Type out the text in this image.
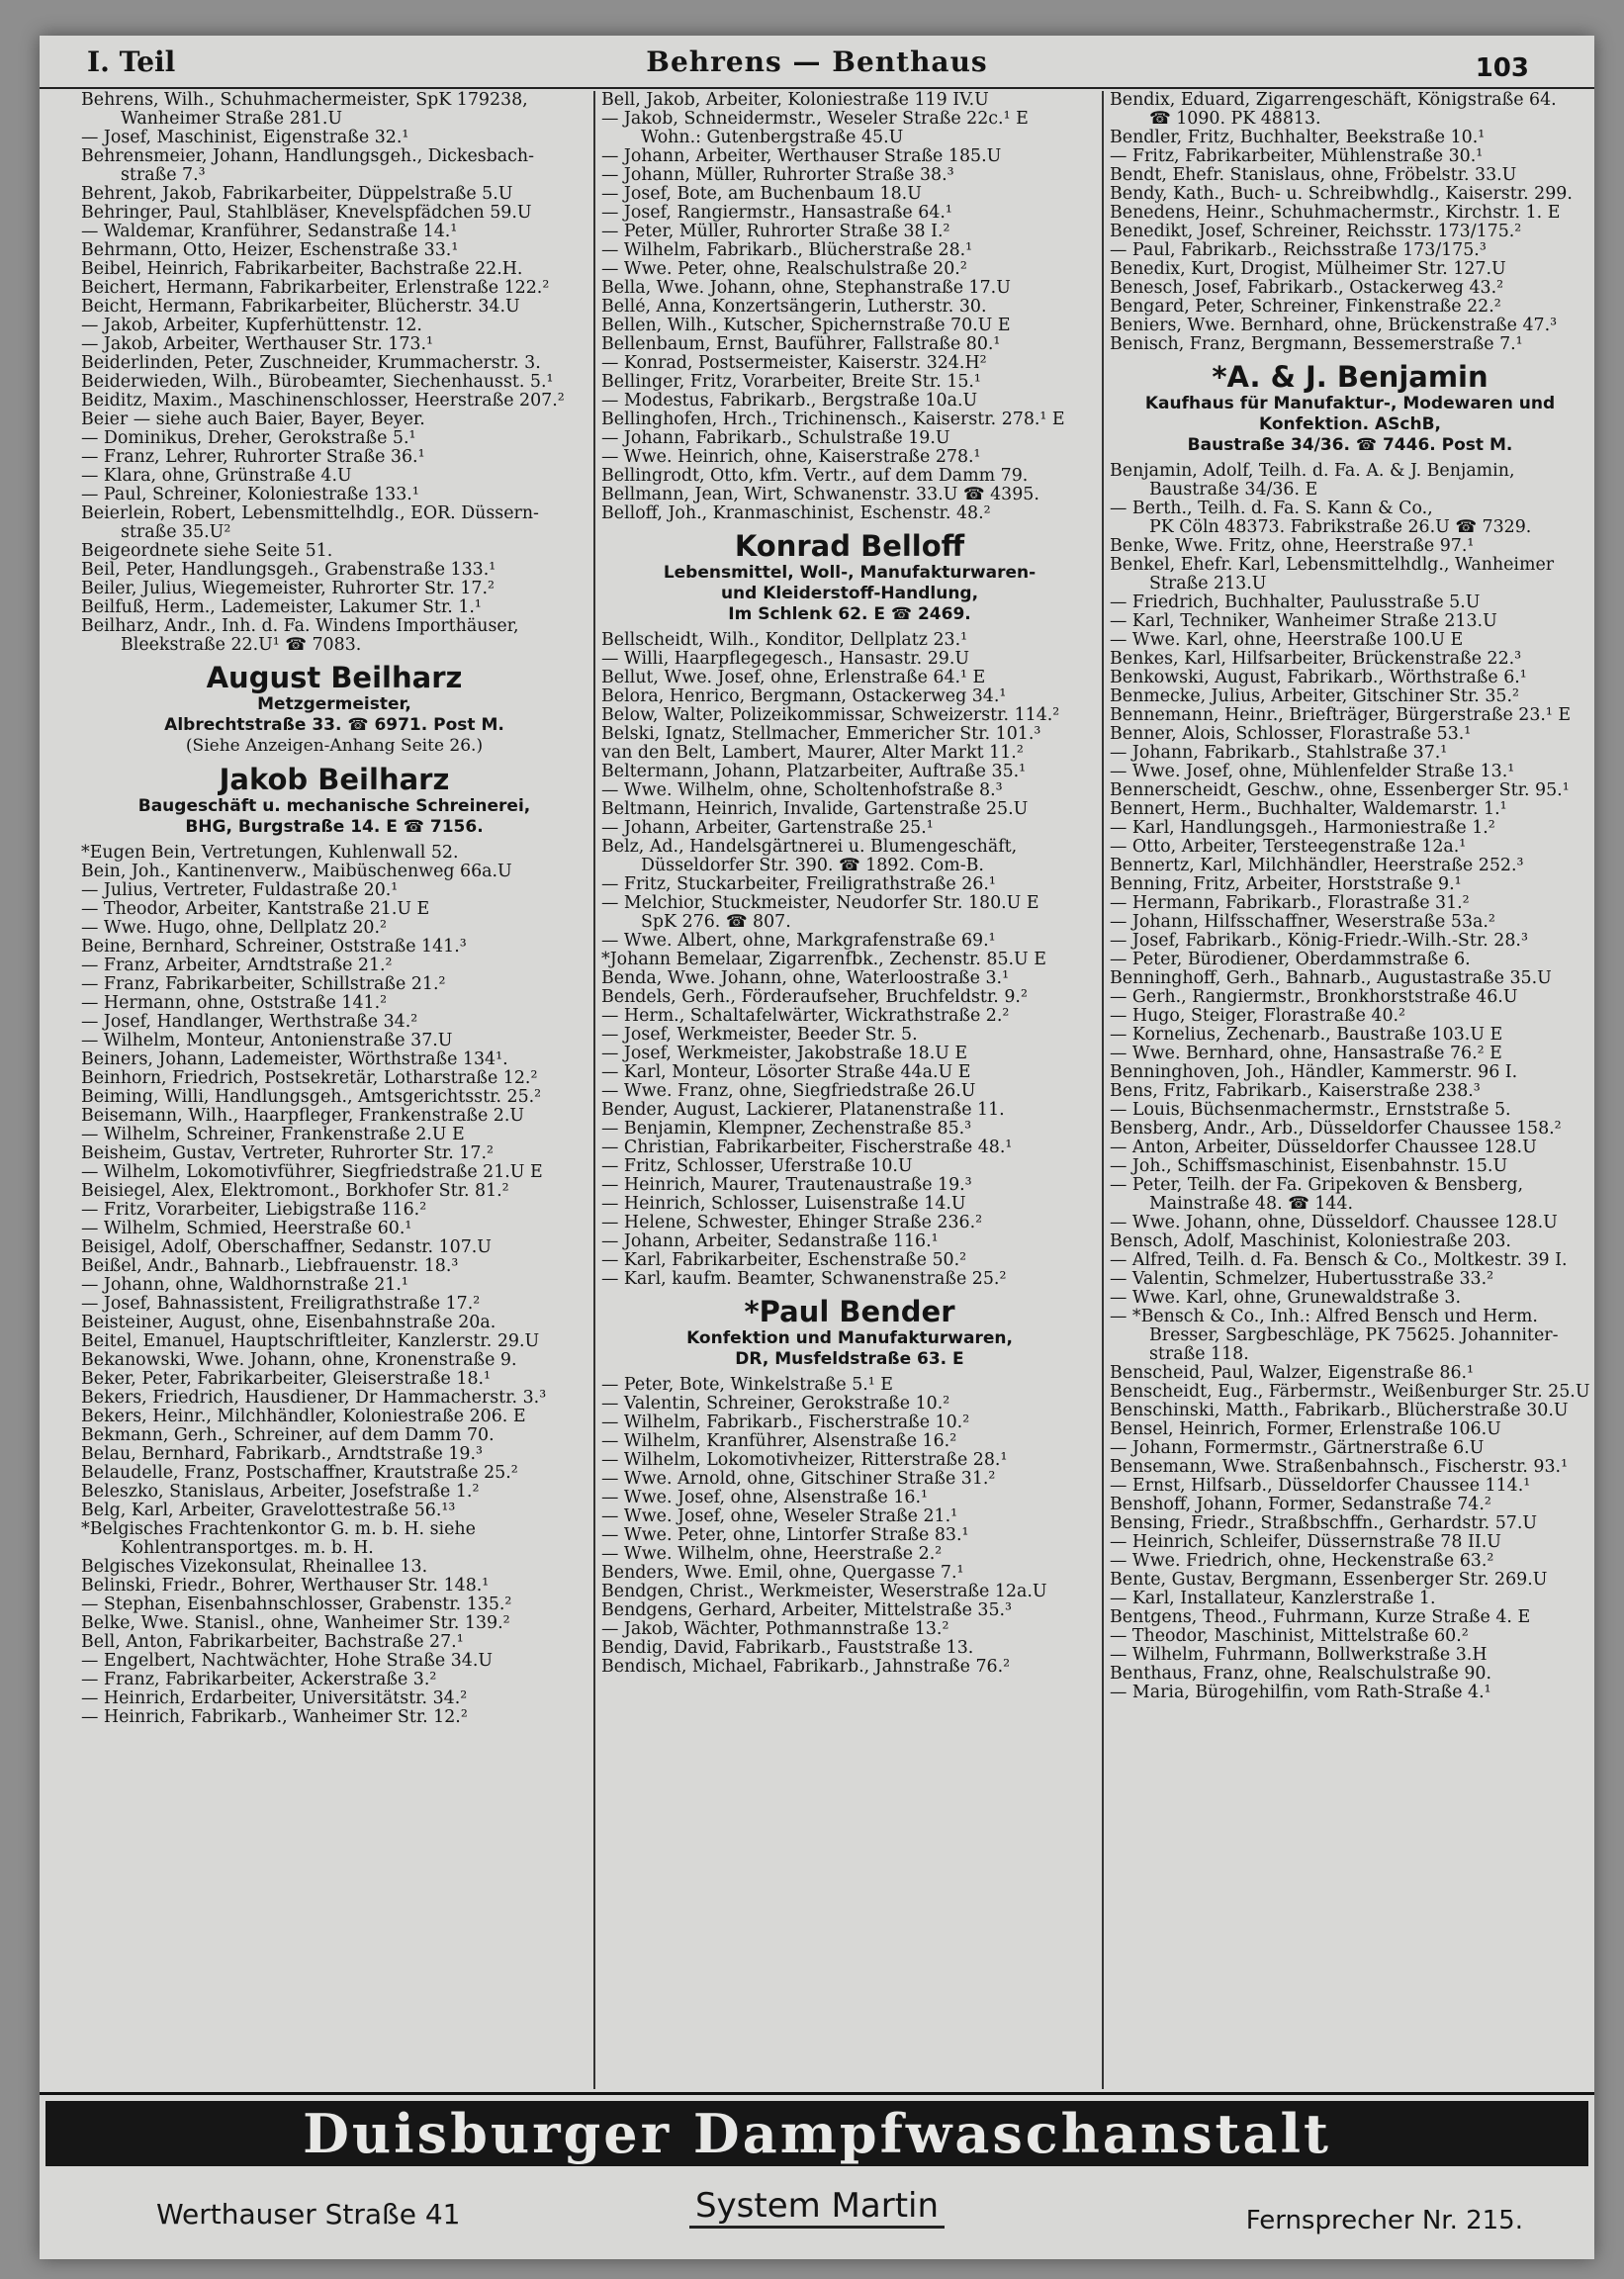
I. Teil	Behrens — Benthaus	103
Behrens, Wilh., Schuhmachermeister, SpK 179238,
Wanheimer Straße 281.U
— Josef, Maschinist, Eigenstraße 32.¹
Behrensmeier, Johann, Handlungsgeh., Dickesbach-
straße 7.³
Behrent, Jakob, Fabrikarbeiter, Düppelstraße 5.U
Behringer, Paul, Stahlbläser, Knevelspfädchen 59.U
— Waldemar, Kranführer, Sedanstraße 14.¹
Behrmann, Otto, Heizer, Eschenstraße 33.¹
Beibel, Heinrich, Fabrikarbeiter, Bachstraße 22.H.
Beichert, Hermann, Fabrikarbeiter, Erlenstraße 122.²
Beicht, Hermann, Fabrikarbeiter, Blücherstr. 34.U
— Jakob, Arbeiter, Kupferhüttenstr. 12.
— Jakob, Arbeiter, Werthauser Str. 173.¹
Beiderlinden, Peter, Zuschneider, Krummacherstr. 3.
Beiderwieden, Wilh., Bürobeamter, Siechenhausst. 5.¹
Beiditz, Maxim., Maschinenschlosser, Heerstraße 207.²
Beier — siehe auch Baier, Bayer, Beyer.
— Dominikus, Dreher, Gerokstraße 5.¹
— Franz, Lehrer, Ruhrorter Straße 36.¹
— Klara, ohne, Grünstraße 4.U
— Paul, Schreiner, Koloniestraße 133.¹
Beierlein, Robert, Lebensmittelhdlg., EOR. Düssern-
straße 35.U²
Beigeordnete siehe Seite 51.
Beil, Peter, Handlungsgeh., Grabenstraße 133.¹
Beiler, Julius, Wiegemeister, Ruhrorter Str. 17.²
Beilfuß, Herm., Lademeister, Lakumer Str. 1.¹
Beilharz, Andr., Inh. d. Fa. Windens Importhäuser,
Bleekstraße 22.U¹ ☎ 7083.
August Beilharz
Metzgermeister,
Albrechtstraße 33. ☎ 6971. Post M.
(Siehe Anzeigen-Anhang Seite 26.)
Jakob Beilharz
Baugeschäft u. mechanische Schreinerei,
BHG, Burgstraße 14. E ☎ 7156.
*Eugen Bein, Vertretungen, Kuhlenwall 52.
Bein, Joh., Kantinenverw., Maibüschenweg 66a.U
— Julius, Vertreter, Fuldastraße 20.¹
— Theodor, Arbeiter, Kantstraße 21.U E
— Wwe. Hugo, ohne, Dellplatz 20.²
Beine, Bernhard, Schreiner, Oststraße 141.³
— Franz, Arbeiter, Arndtstraße 21.²
— Franz, Fabrikarbeiter, Schillstraße 21.²
— Hermann, ohne, Oststraße 141.²
— Josef, Handlanger, Werthstraße 34.²
— Wilhelm, Monteur, Antonienstraße 37.U
Beiners, Johann, Lademeister, Wörthstraße 134¹.
Beinhorn, Friedrich, Postsekretär, Lotharstraße 12.²
Beiming, Willi, Handlungsgeh., Amtsgerichtsstr. 25.²
Beisemann, Wilh., Haarpfleger, Frankenstraße 2.U
— Wilhelm, Schreiner, Frankenstraße 2.U E
Beisheim, Gustav, Vertreter, Ruhrorter Str. 17.²
— Wilhelm, Lokomotivführer, Siegfriedstraße 21.U E
Beisiegel, Alex, Elektromont., Borkhofer Str. 81.²
— Fritz, Vorarbeiter, Liebigstraße 116.²
— Wilhelm, Schmied, Heerstraße 60.¹
Beisigel, Adolf, Oberschaffner, Sedanstr. 107.U
Beißel, Andr., Bahnarb., Liebfrauenstr. 18.³
— Johann, ohne, Waldhornstraße 21.¹
— Josef, Bahnassistent, Freiligrathstraße 17.²
Beisteiner, August, ohne, Eisenbahnstraße 20a.
Beitel, Emanuel, Hauptschriftleiter, Kanzlerstr. 29.U
Bekanowski, Wwe. Johann, ohne, Kronenstraße 9.
Beker, Peter, Fabrikarbeiter, Gleiserstraße 18.¹
Bekers, Friedrich, Hausdiener, Dr Hammacherstr. 3.³
Bekers, Heinr., Milchhändler, Koloniestraße 206. E
Bekmann, Gerh., Schreiner, auf dem Damm 70.
Belau, Bernhard, Fabrikarb., Arndtstraße 19.³
Belaudelle, Franz, Postschaffner, Krautstraße 25.²
Beleszko, Stanislaus, Arbeiter, Josefstraße 1.²
Belg, Karl, Arbeiter, Gravelottestraße 56.¹³
*Belgisches Frachtenkontor G. m. b. H. siehe
Kohlentransportges. m. b. H.
Belgisches Vizekonsulat, Rheinallee 13.
Belinski, Friedr., Bohrer, Werthauser Str. 148.¹
— Stephan, Eisenbahnschlosser, Grabenstr. 135.²
Belke, Wwe. Stanisl., ohne, Wanheimer Str. 139.²
Bell, Anton, Fabrikarbeiter, Bachstraße 27.¹
— Engelbert, Nachtwächter, Hohe Straße 34.U
— Franz, Fabrikarbeiter, Ackerstraße 3.²
— Heinrich, Erdarbeiter, Universitätstr. 34.²
— Heinrich, Fabrikarb., Wanheimer Str. 12.²
Bell, Jakob, Arbeiter, Koloniestraße 119 IV.U
— Jakob, Schneidermstr., Weseler Straße 22c.¹ E
Wohn.: Gutenbergstraße 45.U
— Johann, Arbeiter, Werthauser Straße 185.U
— Johann, Müller, Ruhrorter Straße 38.³
— Josef, Bote, am Buchenbaum 18.U
— Josef, Rangiermstr., Hansastraße 64.¹
— Peter, Müller, Ruhrorter Straße 38 I.²
— Wilhelm, Fabrikarb., Blücherstraße 28.¹
— Wwe. Peter, ohne, Realschulstraße 20.²
Bella, Wwe. Johann, ohne, Stephanstraße 17.U
Bellé, Anna, Konzertsängerin, Lutherstr. 30.
Bellen, Wilh., Kutscher, Spichernstraße 70.U E
Bellenbaum, Ernst, Bauführer, Fallstraße 80.¹
— Konrad, Postsermeister, Kaiserstr. 324.H²
Bellinger, Fritz, Vorarbeiter, Breite Str. 15.¹
— Modestus, Fabrikarb., Bergstraße 10a.U
Bellinghofen, Hrch., Trichinensch., Kaiserstr. 278.¹ E
— Johann, Fabrikarb., Schulstraße 19.U
— Wwe. Heinrich, ohne, Kaiserstraße 278.¹
Bellingrodt, Otto, kfm. Vertr., auf dem Damm 79.
Bellmann, Jean, Wirt, Schwanenstr. 33.U ☎ 4395.
Belloff, Joh., Kranmaschinist, Eschenstr. 48.²
Konrad Belloff
Lebensmittel, Woll-, Manufakturwaren-
und Kleiderstoff-Handlung,
Im Schlenk 62. E ☎ 2469.
Bellscheidt, Wilh., Konditor, Dellplatz 23.¹
— Willi, Haarpflegegesch., Hansastr. 29.U
Bellut, Wwe. Josef, ohne, Erlenstraße 64.¹ E
Belora, Henrico, Bergmann, Ostackerweg 34.¹
Below, Walter, Polizeikommissar, Schweizerstr. 114.²
Belski, Ignatz, Stellmacher, Emmericher Str. 101.³
van den Belt, Lambert, Maurer, Alter Markt 11.²
Beltermann, Johann, Platzarbeiter, Auftraße 35.¹
— Wwe. Wilhelm, ohne, Scholtenhofstraße 8.³
Beltmann, Heinrich, Invalide, Gartenstraße 25.U
— Johann, Arbeiter, Gartenstraße 25.¹
Belz, Ad., Handelsgärtnerei u. Blumengeschäft,
Düsseldorfer Str. 390. ☎ 1892. Com-B.
— Fritz, Stuckarbeiter, Freiligrathstraße 26.¹
— Melchior, Stuckmeister, Neudorfer Str. 180.U E
SpK 276. ☎ 807.
— Wwe. Albert, ohne, Markgrafenstraße 69.¹
*Johann Bemelaar, Zigarrenfbk., Zechenstr. 85.U E
Benda, Wwe. Johann, ohne, Waterloostraße 3.¹
Bendels, Gerh., Förderaufseher, Bruchfeldstr. 9.²
— Herm., Schaltafelwärter, Wickrathstraße 2.²
— Josef, Werkmeister, Beeder Str. 5.
— Josef, Werkmeister, Jakobstraße 18.U E
— Karl, Monteur, Lösorter Straße 44a.U E
— Wwe. Franz, ohne, Siegfriedstraße 26.U
Bender, August, Lackierer, Platanenstraße 11.
— Benjamin, Klempner, Zechenstraße 85.³
— Christian, Fabrikarbeiter, Fischerstraße 48.¹
— Fritz, Schlosser, Uferstraße 10.U
— Heinrich, Maurer, Trautenaustraße 19.³
— Heinrich, Schlosser, Luisenstraße 14.U
— Helene, Schwester, Ehinger Straße 236.²
— Johann, Arbeiter, Sedanstraße 116.¹
— Karl, Fabrikarbeiter, Eschenstraße 50.²
— Karl, kaufm. Beamter, Schwanenstraße 25.²
*Paul Bender
Konfektion und Manufakturwaren,
DR, Musfeldstraße 63. E
— Peter, Bote, Winkelstraße 5.¹ E
— Valentin, Schreiner, Gerokstraße 10.²
— Wilhelm, Fabrikarb., Fischerstraße 10.²
— Wilhelm, Kranführer, Alsenstraße 16.²
— Wilhelm, Lokomotivheizer, Ritterstraße 28.¹
— Wwe. Arnold, ohne, Gitschiner Straße 31.²
— Wwe. Josef, ohne, Alsenstraße 16.¹
— Wwe. Josef, ohne, Weseler Straße 21.¹
— Wwe. Peter, ohne, Lintorfer Straße 83.¹
— Wwe. Wilhelm, ohne, Heerstraße 2.²
Benders, Wwe. Emil, ohne, Quergasse 7.¹
Bendgen, Christ., Werkmeister, Weserstraße 12a.U
Bendgens, Gerhard, Arbeiter, Mittelstraße 35.³
— Jakob, Wächter, Pothmannstraße 13.²
Bendig, David, Fabrikarb., Fauststraße 13.
Bendisch, Michael, Fabrikarb., Jahnstraße 76.²
Bendix, Eduard, Zigarrengeschäft, Königstraße 64.
☎ 1090. PK 48813.
Bendler, Fritz, Buchhalter, Beekstraße 10.¹
— Fritz, Fabrikarbeiter, Mühlenstraße 30.¹
Bendt, Ehefr. Stanislaus, ohne, Fröbelstr. 33.U
Bendy, Kath., Buch- u. Schreibwhdlg., Kaiserstr. 299.
Benedens, Heinr., Schuhmachermstr., Kirchstr. 1. E
Benedikt, Josef, Schreiner, Reichsstr. 173/175.²
— Paul, Fabrikarb., Reichsstraße 173/175.³
Benedix, Kurt, Drogist, Mülheimer Str. 127.U
Benesch, Josef, Fabrikarb., Ostackerweg 43.²
Bengard, Peter, Schreiner, Finkenstraße 22.²
Beniers, Wwe. Bernhard, ohne, Brückenstraße 47.³
Benisch, Franz, Bergmann, Bessemerstraße 7.¹
*A. & J. Benjamin
Kaufhaus für Manufaktur-, Modewaren und
Konfektion. ASchB,
Baustraße 34/36. ☎ 7446. Post M.
Benjamin, Adolf, Teilh. d. Fa. A. & J. Benjamin,
Baustraße 34/36. E
— Berth., Teilh. d. Fa. S. Kann & Co.,
PK Cöln 48373. Fabrikstraße 26.U ☎ 7329.
Benke, Wwe. Fritz, ohne, Heerstraße 97.¹
Benkel, Ehefr. Karl, Lebensmittelhdlg., Wanheimer
Straße 213.U
— Friedrich, Buchhalter, Paulusstraße 5.U
— Karl, Techniker, Wanheimer Straße 213.U
— Wwe. Karl, ohne, Heerstraße 100.U E
Benkes, Karl, Hilfsarbeiter, Brückenstraße 22.³
Benkowski, August, Fabrikarb., Wörthstraße 6.¹
Benmecke, Julius, Arbeiter, Gitschiner Str. 35.²
Bennemann, Heinr., Briefträger, Bürgerstraße 23.¹ E
Benner, Alois, Schlosser, Florastraße 53.¹
— Johann, Fabrikarb., Stahlstraße 37.¹
— Wwe. Josef, ohne, Mühlenfelder Straße 13.¹
Bennerscheidt, Geschw., ohne, Essenberger Str. 95.¹
Bennert, Herm., Buchhalter, Waldemarstr. 1.¹
— Karl, Handlungsgeh., Harmoniestraße 1.²
— Otto, Arbeiter, Tersteegenstraße 12a.¹
Bennertz, Karl, Milchhändler, Heerstraße 252.³
Benning, Fritz, Arbeiter, Horststraße 9.¹
— Hermann, Fabrikarb., Florastraße 31.²
— Johann, Hilfsschaffner, Weserstraße 53a.²
— Josef, Fabrikarb., König-Friedr.-Wilh.-Str. 28.³
— Peter, Bürodiener, Oberdammstraße 6.
Benninghoff, Gerh., Bahnarb., Augustastraße 35.U
— Gerh., Rangiermstr., Bronkhorststraße 46.U
— Hugo, Steiger, Florastraße 40.²
— Kornelius, Zechenarb., Baustraße 103.U E
— Wwe. Bernhard, ohne, Hansastraße 76.² E
Benninghoven, Joh., Händler, Kammerstr. 96 I.
Bens, Fritz, Fabrikarb., Kaiserstraße 238.³
— Louis, Büchsenmachermstr., Ernststraße 5.
Bensberg, Andr., Arb., Düsseldorfer Chaussee 158.²
— Anton, Arbeiter, Düsseldorfer Chaussee 128.U
— Joh., Schiffsmaschinist, Eisenbahnstr. 15.U
— Peter, Teilh. der Fa. Gripekoven & Bensberg,
Mainstraße 48. ☎ 144.
— Wwe. Johann, ohne, Düsseldorf. Chaussee 128.U
Bensch, Adolf, Maschinist, Koloniestraße 203.
— Alfred, Teilh. d. Fa. Bensch & Co., Moltkestr. 39 I.
— Valentin, Schmelzer, Hubertusstraße 33.²
— Wwe. Karl, ohne, Grunewaldstraße 3.
— *Bensch & Co., Inh.: Alfred Bensch und Herm.
Bresser, Sargbeschläge, PK 75625. Johanniter-
straße 118.
Benscheid, Paul, Walzer, Eigenstraße 86.¹
Benscheidt, Eug., Färbermstr., Weißenburger Str. 25.U
Benschinski, Matth., Fabrikarb., Blücherstraße 30.U
Bensel, Heinrich, Former, Erlenstraße 106.U
— Johann, Formermstr., Gärtnerstraße 6.U
Bensemann, Wwe. Straßenbahnsch., Fischerstr. 93.¹
— Ernst, Hilfsarb., Düsseldorfer Chaussee 114.¹
Benshoff, Johann, Former, Sedanstraße 74.²
Bensing, Friedr., Straßbschffn., Gerhardstr. 57.U
— Heinrich, Schleifer, Düssernstraße 78 II.U
— Wwe. Friedrich, ohne, Heckenstraße 63.²
Bente, Gustav, Bergmann, Essenberger Str. 269.U
— Karl, Installateur, Kanzlerstraße 1.
Bentgens, Theod., Fuhrmann, Kurze Straße 4. E
— Theodor, Maschinist, Mittelstraße 60.²
— Wilhelm, Fuhrmann, Bollwerkstraße 3.H
Benthaus, Franz, ohne, Realschulstraße 90.
— Maria, Bürogehilfin, vom Rath-Straße 4.¹
Duisburger Dampfwaschanstalt
Werthauser Straße 41	System Martin	Fernsprecher Nr. 215.
